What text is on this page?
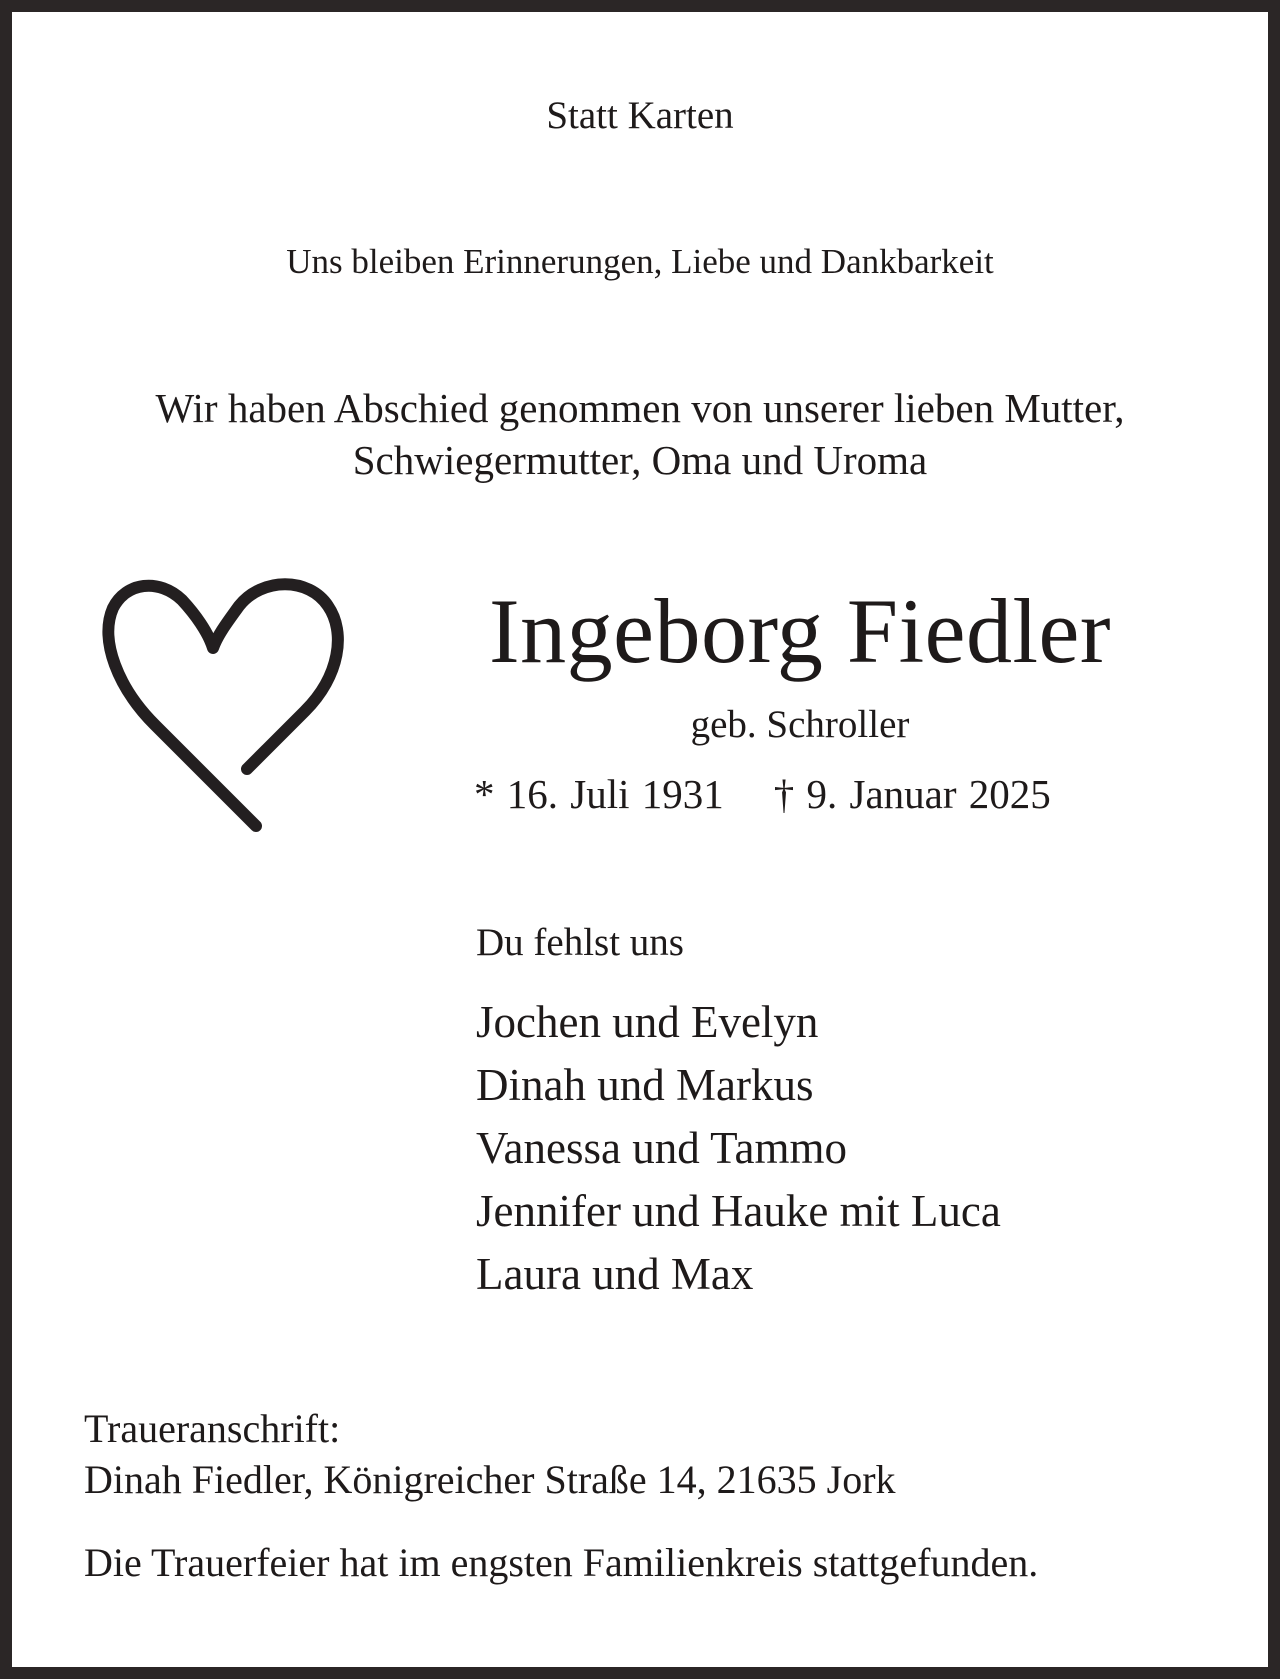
Statt Karten
Uns bleiben Erinnerungen, Liebe und Dankbarkeit
Wir haben Abschied genommen von unserer lieben Mutter,
Schwiegermutter, Oma und Uroma
Ingeborg Fiedler
geb. Schroller
* 16. Juli 1931 † 9. Januar 2025
Du fehlst uns
Jochen und Evelyn
Dinah und Markus
Vanessa und Tammo
Jennifer und Hauke mit Luca
Laura und Max
Traueranschrift:
Dinah Fiedler, Königreicher Straße 14, 21635 Jork
Die Trauerfeier hat im engsten Familienkreis stattgefunden.
